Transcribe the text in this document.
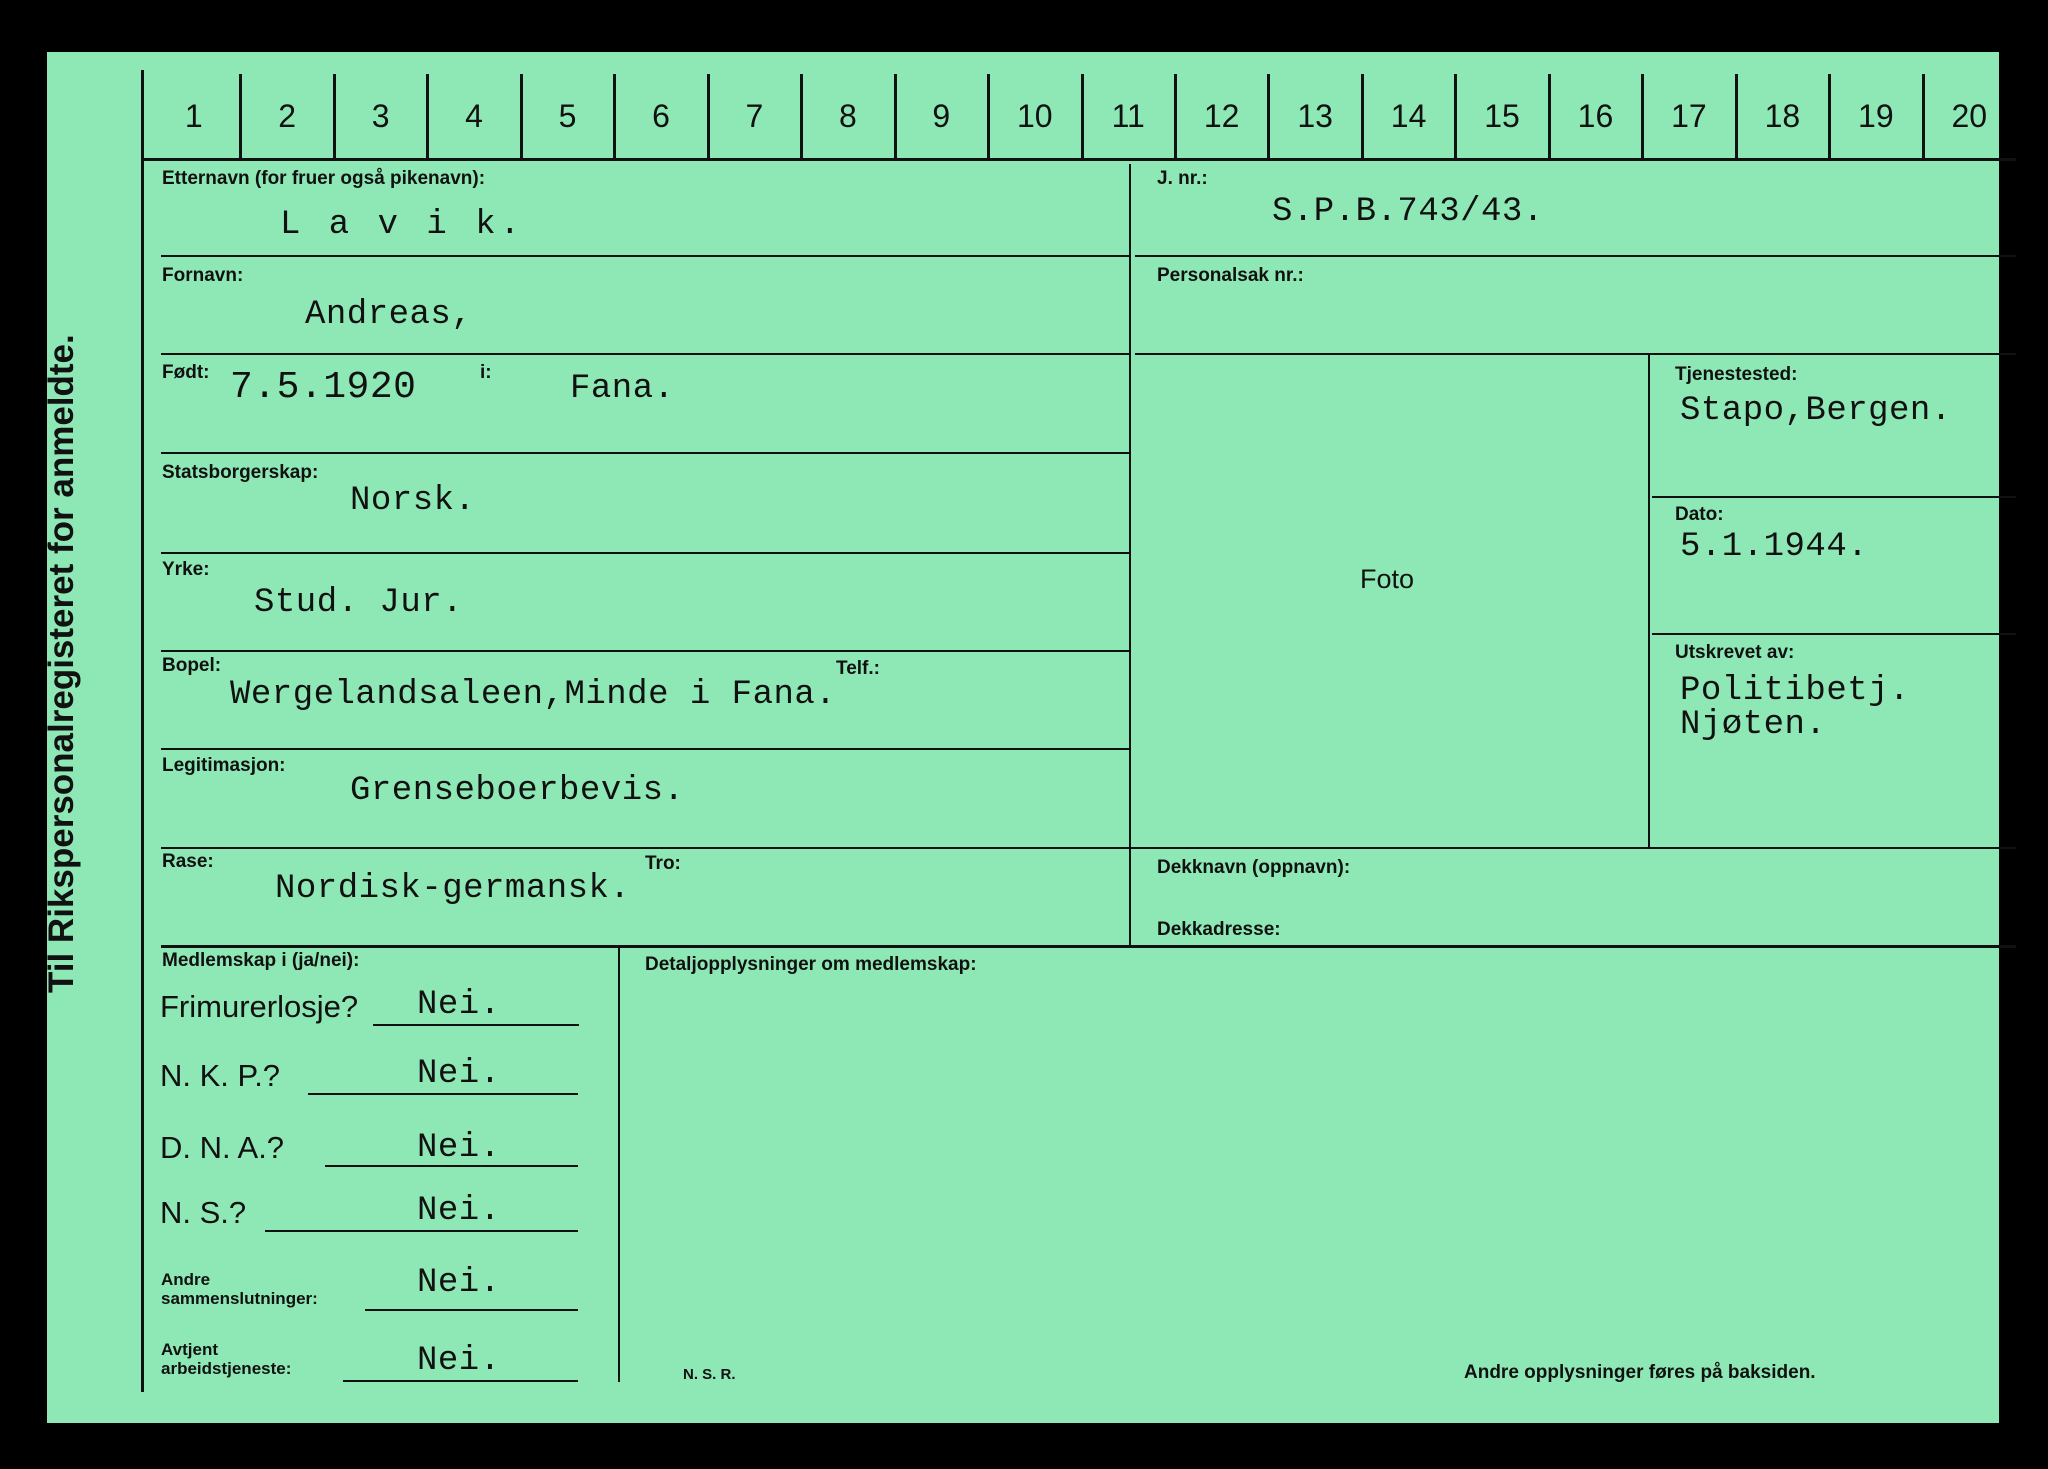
Etternavn (for fruer også pikenavn):
L a v i k.
Fornavn:
Andreas,
Født: 7.5.1920	i: Fana.
Statsborgerskap:
Norsk.
Yrke:
Stud. Jur.
Bopel:	Telf.:
Wergelandsaleen,Minde i Fana.
Legitimasjon:
Grenseboerbevis.
Rase:	Tro:
Nordisk-germansk.
J. nr.:
S.P.B.743/43.
Personalsak nr.:
Foto
Tjenestested:
Stapo,Bergen.
Dato:
5.1.1944.
Utskrevet av:
Politibetj.
Njøten.
Dekknavn (oppnavn):
Dekkadresse:
Medlemskap i (ja/nei):	Detaljopplysninger om medlemskap:
Frimurerlosje? Nei.
N. K. P.?	Nei.
D. N. A.?	Nei.
N. S.?	Nei.
Andre
sammenslutninger:	Nei.
Avtjent
arbeidstjeneste:	Nei.	N. S. R.	Andre opplysninger føres på baksiden.
1	2	3	4	5	6	7	8	9	10	11	12	13	14	15	16	17	18	19	20
Til Rikspersonalregisteret for anmeldte.
